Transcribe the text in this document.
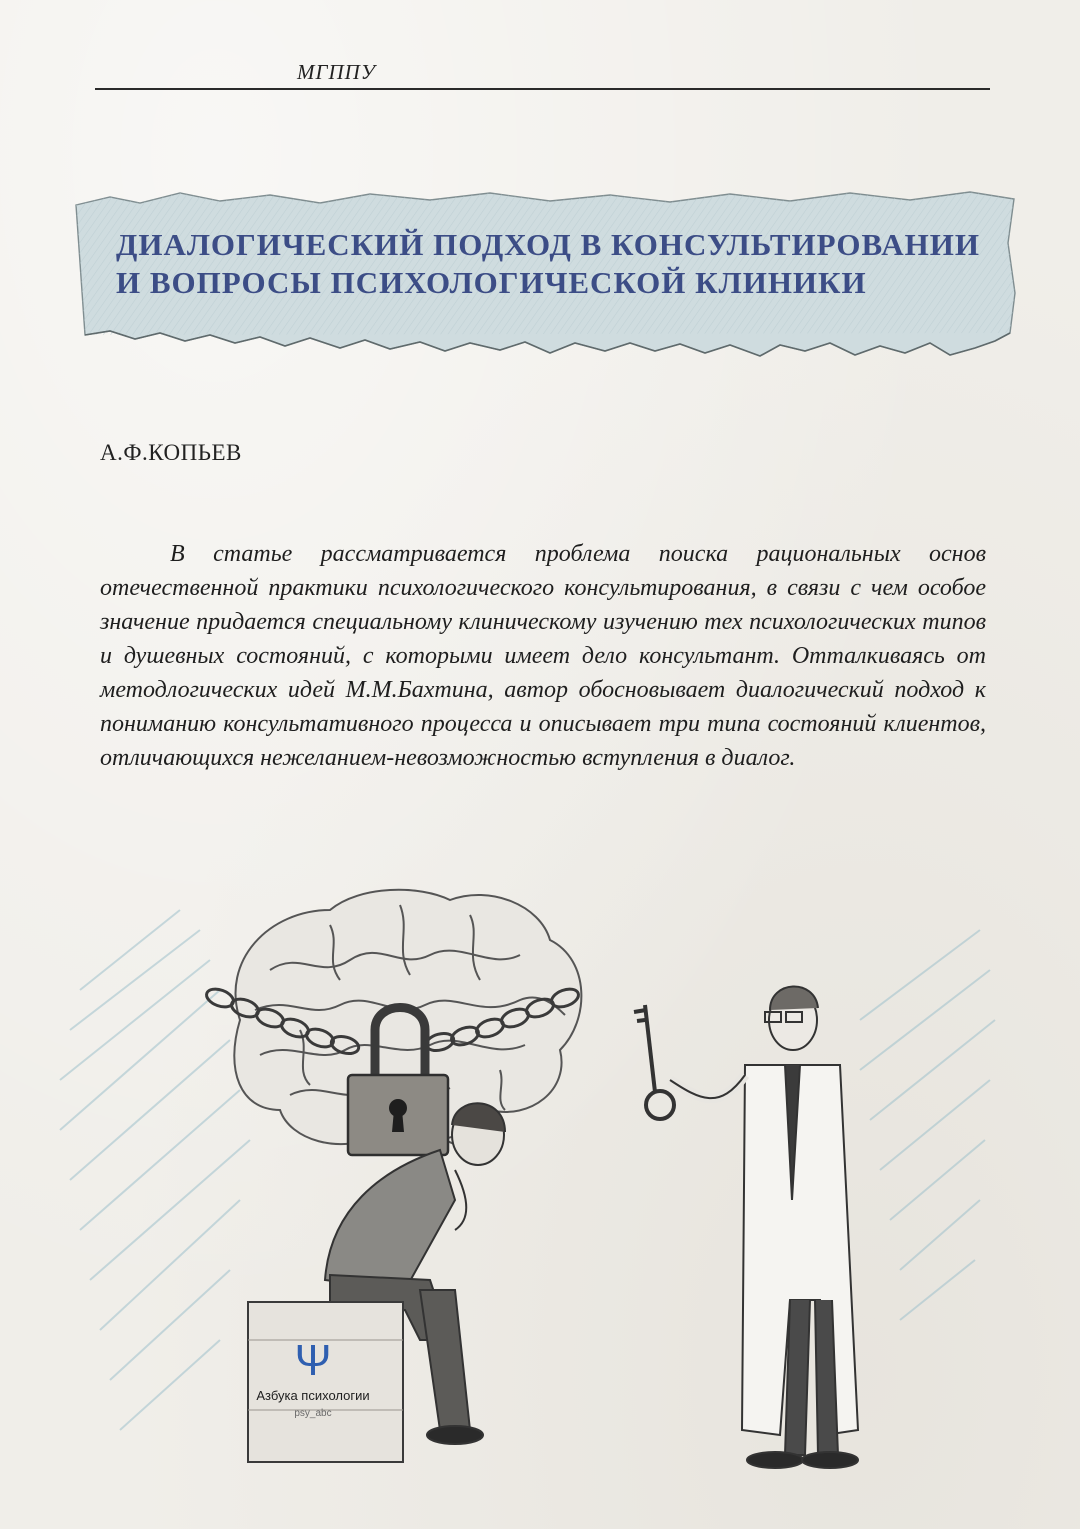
МГППУ
ДИАЛОГИЧЕСКИЙ ПОДХОД В КОНСУЛЬТИРОВАНИИ
И ВОПРОСЫ ПСИХОЛОГИЧЕСКОЙ КЛИНИКИ
А.Ф.КОПЬЕВ
В статье рассматривается проблема поиска рациональных основ отечественной практики психологического консультирования, в связи с чем особое значение придается специальному клиническому изучению тех психологических типов и душевных состояний, с которыми имеет дело консультант. Отталкиваясь от методлогических идей М.М.Бахтина, автор обосновывает диалогический подход к пониманию консультативного процесса и описывает три типа состояний клиентов, отличающихся нежеланием-невозможностью вступления в диалог.
Ψ
Азбука психологии
psy_abc
